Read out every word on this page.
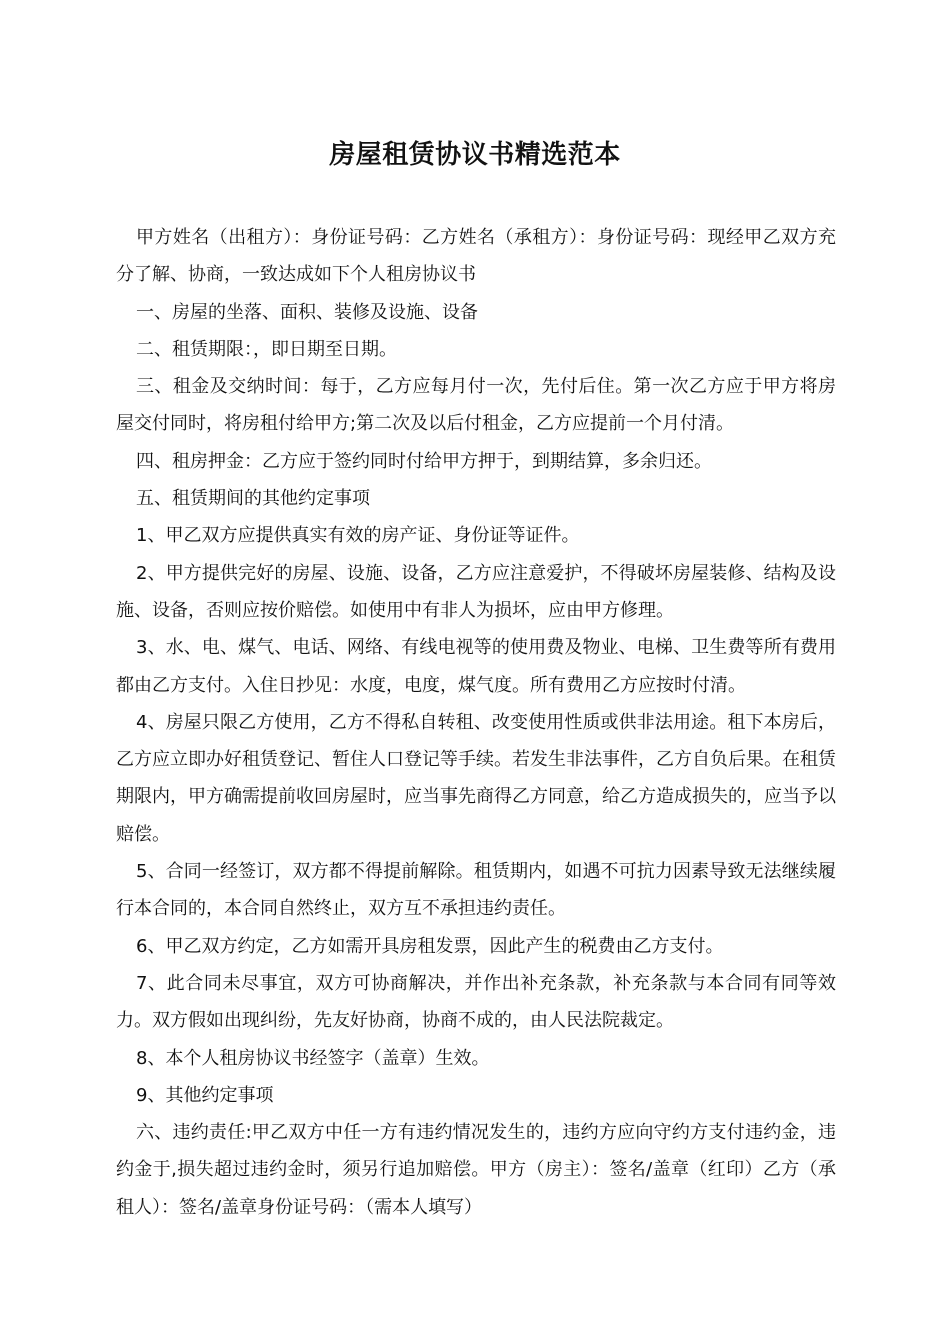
房屋租赁协议书精选范本

甲方姓名（出租方）：身份证号码：乙方姓名（承租方）：身份证号码：现经甲乙双方充分了解、协商，一致达成如下个人租房协议书

一、房屋的坐落、面积、装修及设施、设备

二、租赁期限：，即日期至日期。

三、租金及交纳时间：每于，乙方应每月付一次，先付后住。第一次乙方应于甲方将房屋交付同时，将房租付给甲方;第二次及以后付租金，乙方应提前一个月付清。

四、租房押金：乙方应于签约同时付给甲方押于，到期结算，多余归还。

五、租赁期间的其他约定事项

1、甲乙双方应提供真实有效的房产证、身份证等证件。

2、甲方提供完好的房屋、设施、设备，乙方应注意爱护，不得破坏房屋装修、结构及设施、设备，否则应按价赔偿。如使用中有非人为损坏，应由甲方修理。

3、水、电、煤气、电话、网络、有线电视等的使用费及物业、电梯、卫生费等所有费用都由乙方支付。入住日抄见：水度，电度，煤气度。所有费用乙方应按时付清。

4、房屋只限乙方使用，乙方不得私自转租、改变使用性质或供非法用途。租下本房后，乙方应立即办好租赁登记、暂住人口登记等手续。若发生非法事件，乙方自负后果。在租赁期限内，甲方确需提前收回房屋时，应当事先商得乙方同意，给乙方造成损失的，应当予以赔偿。

5、合同一经签订，双方都不得提前解除。租赁期内，如遇不可抗力因素导致无法继续履行本合同的，本合同自然终止，双方互不承担违约责任。

6、甲乙双方约定，乙方如需开具房租发票，因此产生的税费由乙方支付。

7、此合同未尽事宜，双方可协商解决，并作出补充条款，补充条款与本合同有同等效力。双方假如出现纠纷，先友好协商，协商不成的，由人民法院裁定。

8、本个人租房协议书经签字（盖章）生效。

9、其他约定事项

六、违约责任:甲乙双方中任一方有违约情况发生的，违约方应向守约方支付违约金，违约金于,损失超过违约金时，须另行追加赔偿。甲方（房主）：签名/盖章（红印）乙方（承租人）：签名/盖章身份证号码：（需本人填写）
